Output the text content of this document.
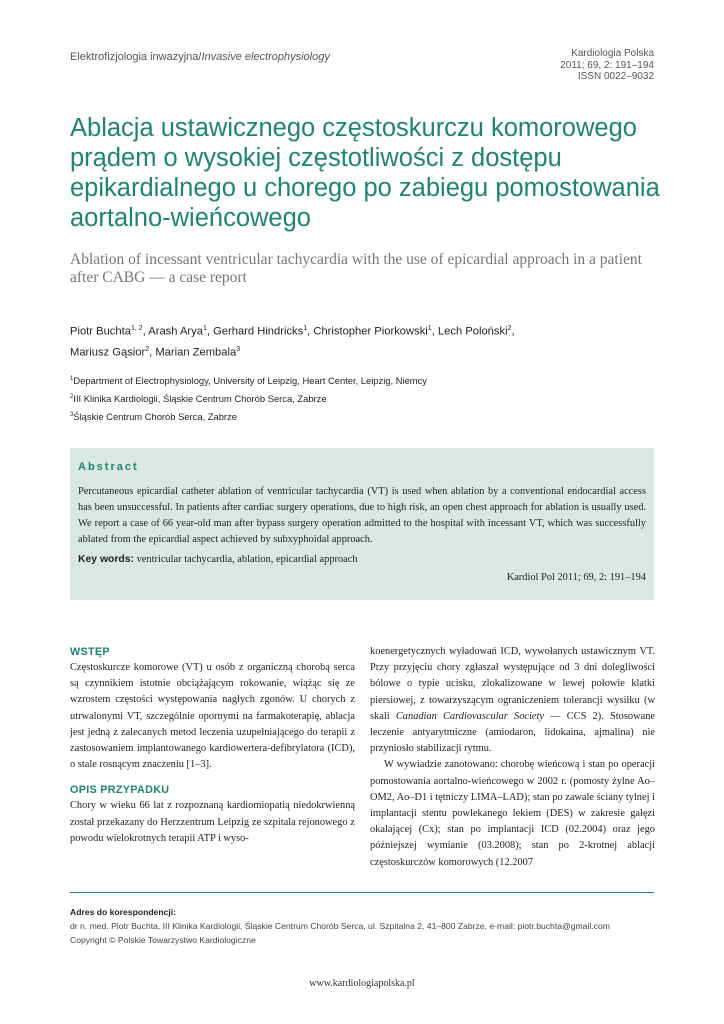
Elektrofizjologia inwazyjna/Invasive electrophysiology	Kardiologia Polska
2011; 69, 2: 191–194
ISSN 0022–9032
Ablacja ustawicznego częstoskurczu komorowego prądem o wysokiej częstotliwości z dostępu epikardialnego u chorego po zabiegu pomostowania aortalno-wieńcowego
Ablation of incessant ventricular tachycardia with the use of epicardial approach in a patient after CABG — a case report
Piotr Buchta$^{1, 2}$, Arash Arya$^1$, Gerhard Hindricks$^1$, Christopher Piorkowski$^1$, Lech Poloński$^2$,
Mariusz Gąsior$^2$, Marian Zembala$^3$
$^1$Department of Electrophysiology, University of Leipzig, Heart Center, Leipzig, Niemcy
$^2$III Klinika Kardiologii, Śląskie Centrum Chorób Serca, Zabrze
$^3$Śląskie Centrum Chorób Serca, Zabrze
Abstract

Percutaneous epicardial catheter ablation of ventricular tachycardia (VT) is used when ablation by a conventional endocardial access has been unsuccessful. In patients after cardiac surgery operations, due to high risk, an open chest approach for ablation is usually used. We report a case of 66 year-old man after bypass surgery operation admitted to the hospital with incessant VT, which was successfully ablated from the epicardial aspect achieved by subxyphoidal approach.

Key words: ventricular tachycardia, ablation, epicardial approach
Kardiol Pol 2011; 69, 2: 191–194
WSTĘP

Częstoskurcze komorowe (VT) u osób z organiczną chorobą serca są czynnikiem istotnie obciążającym rokowanie, wiążąc się ze wzrostem częstości występowania nagłych zgonów. U chorych z utrwalonymi VT, szczególnie opornymi na farmakoterapię, ablacja jest jedną z zalecanych metod leczenia uzupełniającego do terapii z zastosowaniem implantowanego kardiowertera-defibrylatora (ICD), o stale rosnącym znaczeniu [1–3].

OPIS PRZYPADKU

Chory w wieku 66 lat z rozpoznaną kardiomiopatią niedokrwienną został przekazany do Herzzentrum Leipzig ze szpitala rejonowego z powodu wielokrotnych terapii ATP i wyso-

koenergetycznych wyładowań ICD, wywołanych ustawicznym VT. Przy przyjęciu chory zgłaszał występujące od 3 dni dolegliwości bólowe o typie ucisku, zlokalizowane w lewej połowie klatki piersiowej, z towarzyszącym ograniczeniem tolerancji wysiłku (w skali Canadian Cardiovascular Society — CCS 2). Stosowane leczenie antyarytmiczne (amiodaron, lidokaina, ajmalina) nie przyniosło stabilizacji rytmu.

W wywiadzie zanotowano: chorobę wieńcową i stan po operacji pomostowania aortalno-wieńcowego w 2002 r. (pomosty żylne Ao–OM2, Ao–D1 i tętniczy LIMA–LAD); stan po zawale ściany tylnej i implantacji stentu powlekanego lekiem (DES) w zakresie gałęzi okalającej (Cx); stan po implantacji ICD (02.2004) oraz jego późniejszej wymianie (03.2008); stan po 2-krotnej ablacji częstoskurczów komorowych (12.2007

Adres do korespondencji:
dr n. med. Piotr Buchta, III Klinika Kardiologii, Śląskie Centrum Chorób Serca, ul. Szpitalna 2, 41–800 Zabrze, e-mail: piotr.buchta@gmail.com
Copyright © Polskie Towarzystwo Kardiologiczne
www.kardiologiapolska.pl
